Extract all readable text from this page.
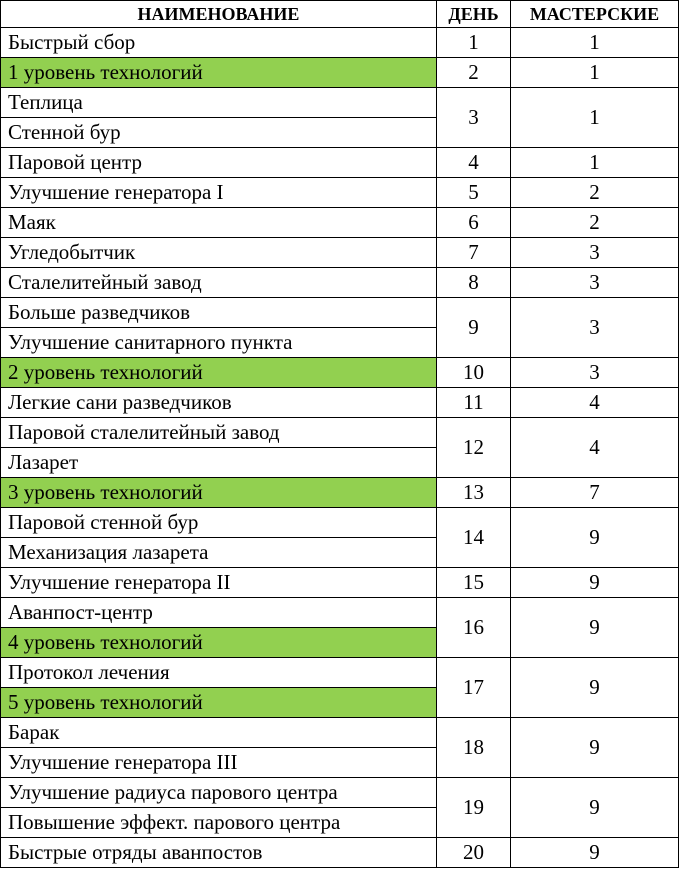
НАИМЕНОВАНИЕ	ДЕНЬ	МАСТЕРСКИЕ
Быстрый сбор	1	1
1 уровень технологий	2	1
Теплица	3	1
Стенной бур		
Паровой центр	4	1
Улучшение генератора I	5	2
Маяк	6	2
Угледобытчик	7	3
Сталелитейный завод	8	3
Больше разведчиков	9	3
Улучшение санитарного пункта		
2 уровень технологий	10	3
Легкие сани разведчиков	11	4
Паровой сталелитейный завод	12	4
Лазарет		
3 уровень технологий	13	7
Паровой стенной бур	14	9
Механизация лазарета		
Улучшение генератора II	15	9
Аванпост-центр	16	9
4 уровень технологий		
Протокол лечения	17	9
5 уровень технологий		
Барак	18	9
Улучшение генератора III		
Улучшение радиуса парового центра	19	9
Повышение эффект. парового центра		
Быстрые отряды аванпостов	20	9
